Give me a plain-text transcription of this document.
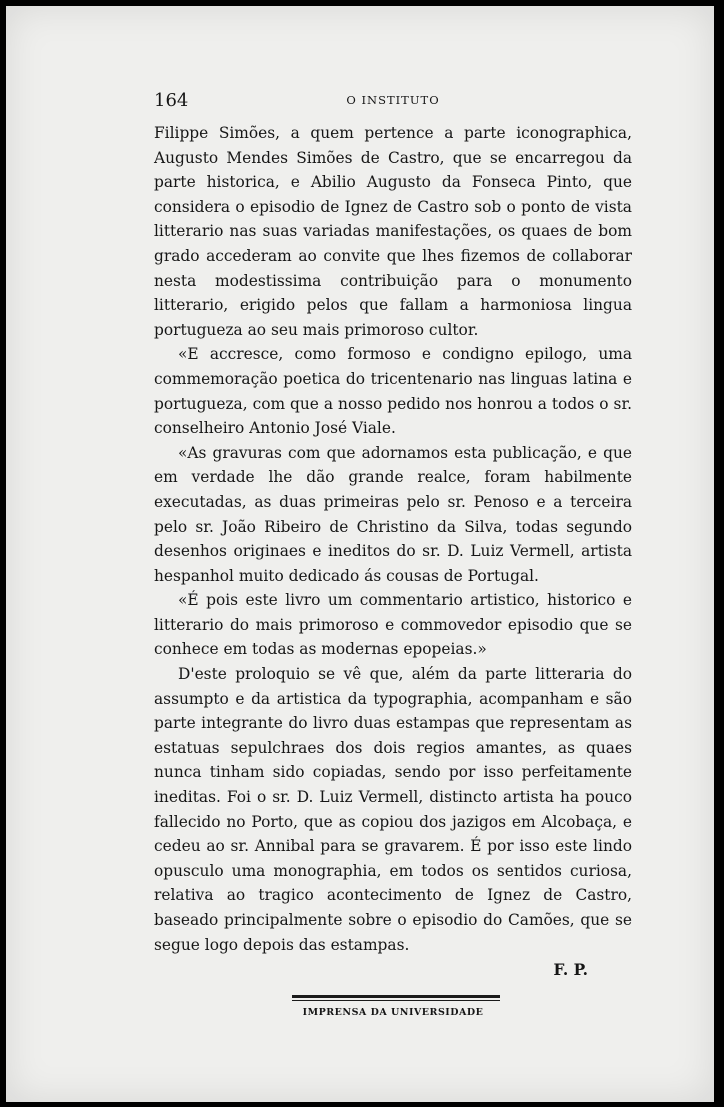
164	O INSTITUTO

Filippe Simões, a quem pertence a parte iconographica, Augusto Mendes Simões de Castro, que se encarregou da parte historica, e Abilio Augusto da Fonseca Pinto, que considera o episodio de Ignez de Castro sob o ponto de vista litterario nas suas variadas manifestações, os quaes de bom grado accederam ao convite que lhes fizemos de collaborar nesta modestissima contribuição para o monumento litterario, erigido pelos que fallam a harmoniosa lingua portugueza ao seu mais primoroso cultor.

«E accresce, como formoso e condigno epilogo, uma commemoração poetica do tricentenario nas linguas latina e portugueza, com que a nosso pedido nos honrou a todos o sr. conselheiro Antonio José Viale.

«As gravuras com que adornamos esta publicação, e que em verdade lhe dão grande realce, foram habilmente executadas, as duas primeiras pelo sr. Penoso e a terceira pelo sr. João Ribeiro de Christino da Silva, todas segundo desenhos originaes e ineditos do sr. D. Luiz Vermell, artista hespanhol muito dedicado ás cousas de Portugal.

«É pois este livro um commentario artistico, historico e litterario do mais primoroso e commovedor episodio que se conhece em todas as modernas epopeias.»

D'este proloquio se vê que, além da parte litteraria do assumpto e da artistica da typographia, acompanham e são parte integrante do livro duas estampas que representam as estatuas sepulchraes dos dois regios amantes, as quaes nunca tinham sido copiadas, sendo por isso perfeitamente ineditas. Foi o sr. D. Luiz Vermell, distincto artista ha pouco fallecido no Porto, que as copiou dos jazigos em Alcobaça, e cedeu ao sr. Annibal para se gravarem. É por isso este lindo opusculo uma monographia, em todos os sentidos curiosa, relativa ao tragico acontecimento de Ignez de Castro, baseado principalmente sobre o episodio do Camões, que se segue logo depois das estampas.

F. P.
IMPRENSA DA UNIVERSIDADE
